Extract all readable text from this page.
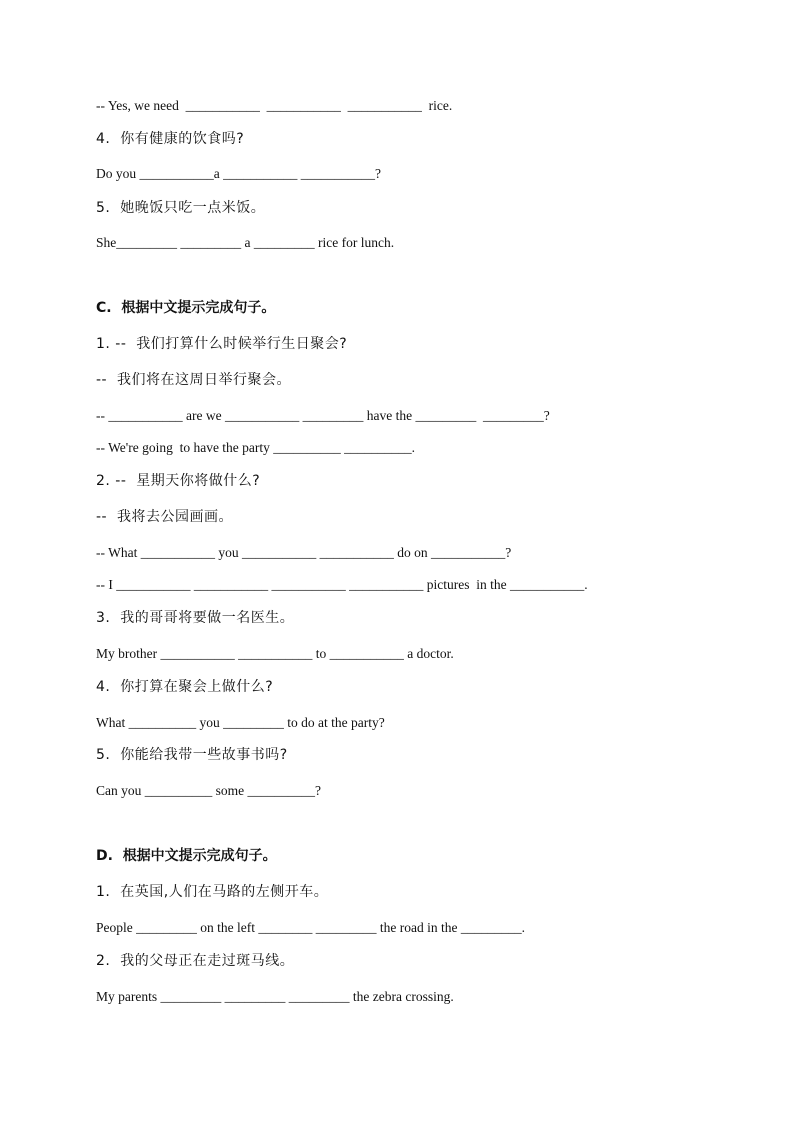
-- Yes, we need  ___________  ___________  ___________  rice.
4.  你有健康的饮食吗?
Do you ___________a ___________ ___________?
5.  她晚饭只吃一点米饭。
She_________ _________ a _________ rice for lunch.
C.  根据中文提示完成句子。
1. --  我们打算什么时候举行生日聚会?
--  我们将在这周日举行聚会。
-- ___________ are we ___________ _________ have the _________  _________?
-- We're going  to have the party __________ __________.
2. --  星期天你将做什么?
--  我将去公园画画。
-- What ___________ you ___________ ___________ do on ___________?
-- I ___________ ___________ ___________ ___________ pictures  in the ___________.
3.  我的哥哥将要做一名医生。
My brother ___________ ___________ to ___________ a doctor.
4.  你打算在聚会上做什么?
What __________ you _________ to do at the party?
5.  你能给我带一些故事书吗?
Can you __________ some __________?
D.  根据中文提示完成句子。
1.  在英国,人们在马路的左侧开车。
People _________ on the left ________ _________ the road in the _________.
2.  我的父母正在走过斑马线。
My parents _________ _________ _________ the zebra crossing.
